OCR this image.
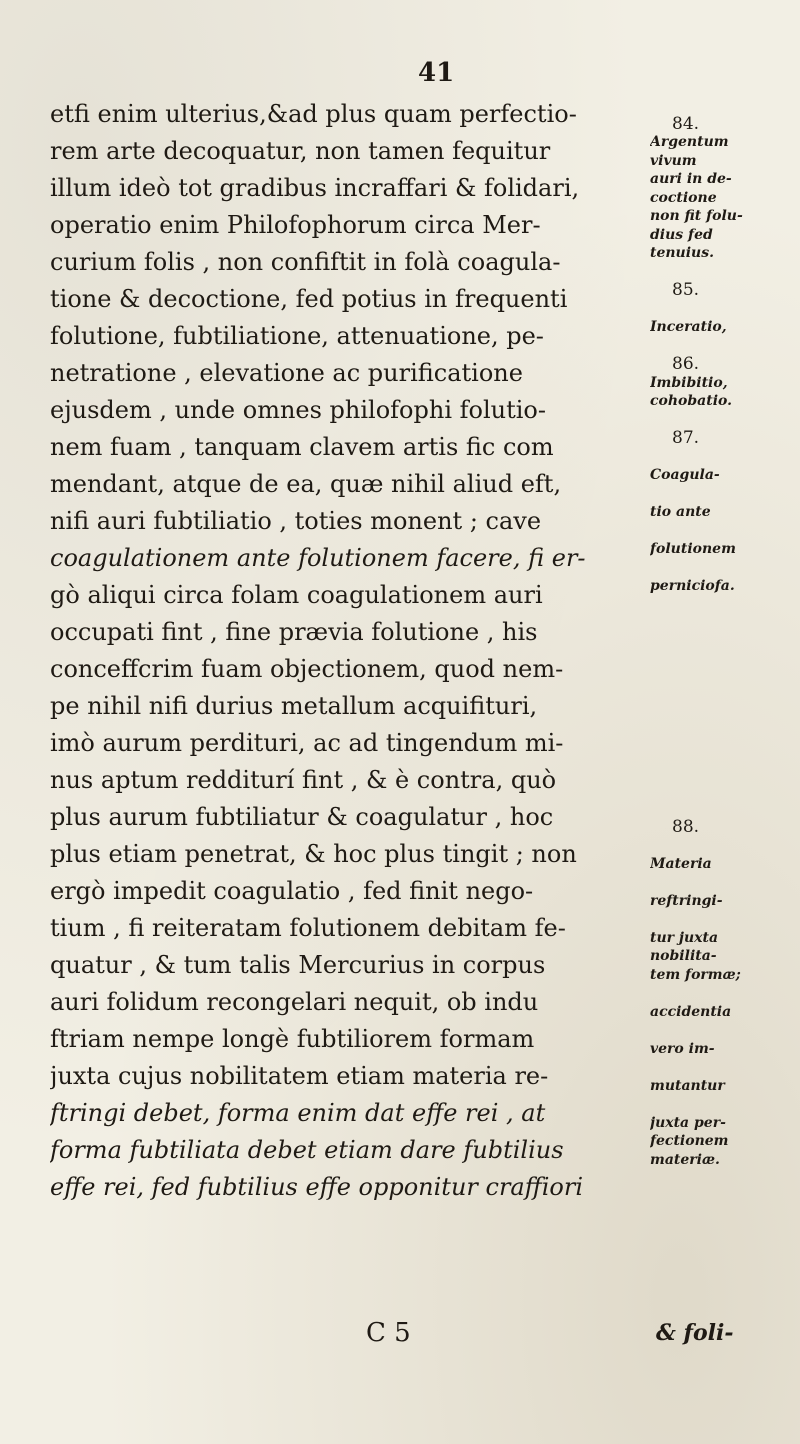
41
etfi enim ulterius,&ad plus quam perfectio-
rem arte decoquatur, non tamen fequitur
illum ideò tot gradibus incraffari & folidari,
operatio enim Philofophorum circa Mer-
curium folis , non confiftit in folà coagula-
tione & decoctione, fed potius in frequenti
folutione, fubtiliatione, attenuatione, pe-
netratione , elevatione ac purificatione
ejusdem , unde omnes philofophi folutio-
nem fuam , tanquam clavem artis fic com
mendant, atque de ea, quæ nihil aliud eft,
nifi auri fubtiliatio , toties monent ; cave
coagulationem ante folutionem facere, fi er-
gò aliqui circa folam coagulationem auri
occupati fint , fine prævia folutione , his
conceffcrim fuam objectionem, quod nem-
pe nihil nifi durius metallum acquifituri,
imò aurum perdituri, ac ad tingendum mi-
nus aptum redditurí fint , & è contra, quò
plus aurum fubtiliatur & coagulatur , hoc
plus etiam penetrat, & hoc plus tingit ; non
ergò impedit coagulatio , fed finit nego-
tium , fi reiteratam folutionem debitam fe-
quatur , & tum talis Mercurius in corpus
auri folidum recongelari nequit, ob indu
ftriam nempe longè fubtiliorem formam
juxta cujus nobilitatem etiam materia re-
ftringi debet, forma enim dat effe rei , at
forma fubtiliata debet etiam dare fubtilius
effe rei, fed fubtilius effe opponitur craffiori
84.
Argentum
vivum
auri in de-
coctione
non fit folu-
dius fed
tenuius.
85.
Inceratio,
86.
Imbibitio,
cohobatio.
87.
Coagula-
tio ante
folutionem
perniciofa.
88.
Materia
reftringi-
tur juxta
nobilita-
tem formæ;
accidentia
vero im-
mutantur
juxta per-
fectionem
materiæ.
C 5	& foli-
